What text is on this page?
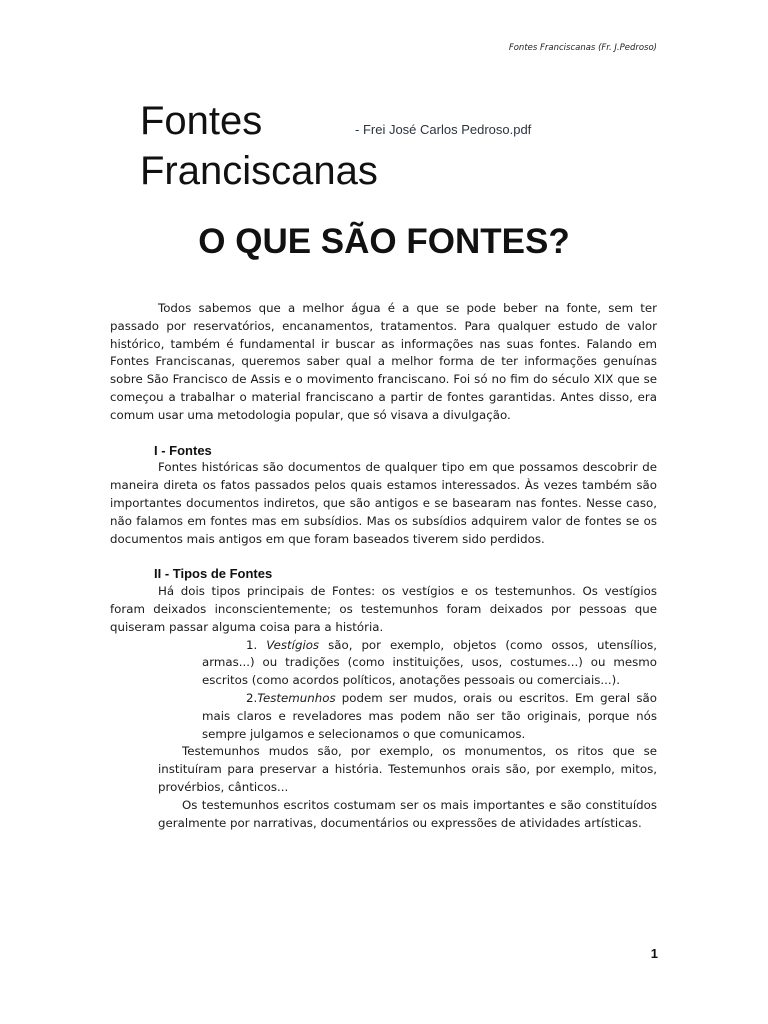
Fontes Franciscanas (Fr. J.Pedroso)
Fontes Franciscanas
- Frei José Carlos Pedroso.pdf
O QUE SÃO FONTES?

Todos sabemos que a melhor água é a que se pode beber na fonte, sem ter passado por reservatórios, encanamentos, tratamentos. Para qualquer estudo de valor histórico, também é fundamental ir buscar as informações nas suas fontes. Falando em Fontes Franciscanas, queremos saber qual a melhor forma de ter informações genuínas sobre São Francisco de Assis e o movimento franciscano. Foi só no fim do século XIX que se começou a trabalhar o material franciscano a partir de fontes garantidas. Antes disso, era comum usar uma metodologia popular, que só visava a divulgação.

I - Fontes

Fontes históricas são documentos de qualquer tipo em que possamos descobrir de maneira direta os fatos passados pelos quais estamos interessados. Às vezes também são importantes documentos indiretos, que são antigos e se basearam nas fontes. Nesse caso, não falamos em fontes mas em subsídios. Mas os subsídios adquirem valor de fontes se os documentos mais antigos em que foram baseados tiverem sido perdidos.

II - Tipos de Fontes

Há dois tipos principais de Fontes: os vestígios e os testemunhos. Os vestígios foram deixados inconscientemente; os testemunhos foram deixados por pessoas que quiseram passar alguma coisa para a história.

1. Vestígios são, por exemplo, objetos (como ossos, utensílios, armas...) ou tradições (como instituições, usos, costumes...) ou mesmo escritos (como acordos políticos, anotações pessoais ou comerciais...).

2.Testemunhos podem ser mudos, orais ou escritos. Em geral são mais claros e reveladores mas podem não ser tão originais, porque nós sempre julgamos e selecionamos o que comunicamos.

Testemunhos mudos são, por exemplo, os monumentos, os ritos que se instituíram para preservar a história. Testemunhos orais são, por exemplo, mitos, provérbios, cânticos...

Os testemunhos escritos costumam ser os mais importantes e são constituídos geralmente por narrativas, documentários ou expressões de atividades artísticas.

1
